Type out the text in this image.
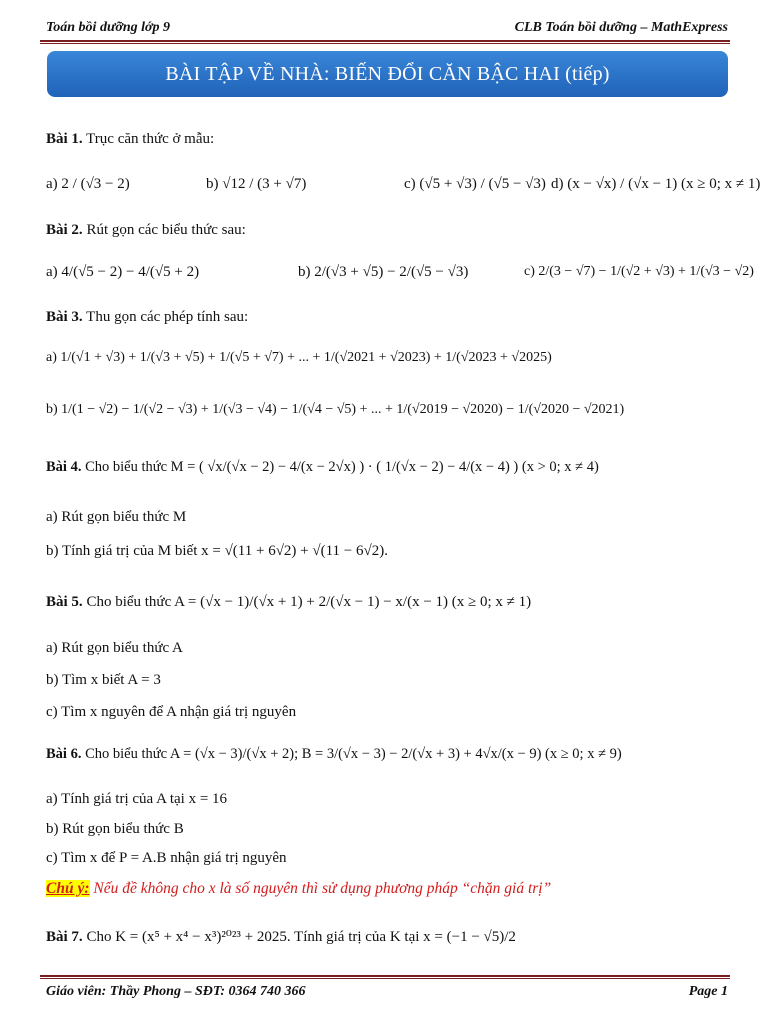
Toán bồi dưỡng lớp 9	CLB Toán bồi dưỡng – MathExpress
BÀI TẬP VỀ NHÀ: BIẾN ĐỔI CĂN BẬC HAI (tiếp)
Bài 1. Trục căn thức ở mẫu:
a) 2 / (√3 − 2)	b) √12 / (3 + √7)	c) (√5 + √3) / (√5 − √3) d) (x − √x) / (√x − 1) (x ≥ 0; x ≠ 1)
Bài 2. Rút gọn các biểu thức sau:
a) 4/(√5 − 2) − 4/(√5 + 2)	b) 2/(√3 + √5) − 2/(√5 − √3)	c) 2/(3 − √7) − 1/(√2 + √3) + 1/(√3 − √2)
Bài 3. Thu gọn các phép tính sau:
a) 1/(√1 + √3) + 1/(√3 + √5) + 1/(√5 + √7) + ... + 1/(√2021 + √2023) + 1/(√2023 + √2025)
b) 1/(1 − √2) − 1/(√2 − √3) + 1/(√3 − √4) − 1/(√4 − √5) + ... + 1/(√2019 − √2020) − 1/(√2020 − √2021)
Bài 4. Cho biểu thức M = ( √x/(√x − 2) − 4/(x − 2√x) ) · ( 1/(√x − 2) − 4/(x − 4) ) (x > 0; x ≠ 4)
a) Rút gọn biểu thức M
b) Tính giá trị của M biết x = √(11 + 6√2) + √(11 − 6√2).
Bài 5. Cho biểu thức A = (√x − 1)/(√x + 1) + 2/(√x − 1) − x/(x − 1) (x ≥ 0; x ≠ 1)
a) Rút gọn biểu thức A
b) Tìm x biết A = 3
c) Tìm x nguyên để A nhận giá trị nguyên
Bài 6. Cho biểu thức A = (√x − 3)/(√x + 2); B = 3/(√x − 3) − 2/(√x + 3) + 4√x/(x − 9) (x ≥ 0; x ≠ 9)
a) Tính giá trị của A tại x = 16
b) Rút gọn biểu thức B
c) Tìm x để P = A.B nhận giá trị nguyên
Chú ý: Nếu đề không cho x là số nguyên thì sử dụng phương pháp “chặn giá trị”
Bài 7. Cho K = (x⁵ + x⁴ − x³)²⁰²³ + 2025. Tính giá trị của K tại x = (−1 − √5)/2
Giáo viên: Thầy Phong – SĐT: 0364 740 366	Page 1
